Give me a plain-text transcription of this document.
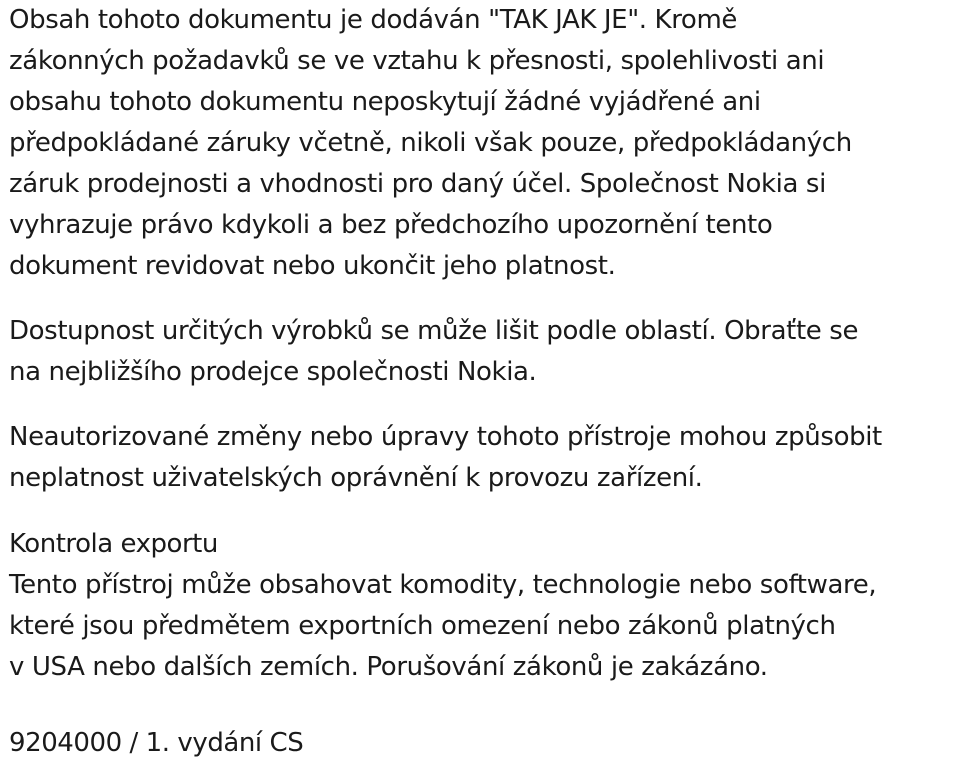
Obsah tohoto dokumentu je dodáván "TAK JAK JE". Kromě
zákonných požadavků se ve vztahu k přesnosti, spolehlivosti ani
obsahu tohoto dokumentu neposkytují žádné vyjádřené ani
předpokládané záruky včetně, nikoli však pouze, předpokládaných
záruk prodejnosti a vhodnosti pro daný účel. Společnost Nokia si
vyhrazuje právo kdykoli a bez předchozího upozornění tento
dokument revidovat nebo ukončit jeho platnost.

Dostupnost určitých výrobků se může lišit podle oblastí. Obraťte se
na nejbližšího prodejce společnosti Nokia.

Neautorizované změny nebo úpravy tohoto přístroje mohou způsobit
neplatnost uživatelských oprávnění k provozu zařízení.

Kontrola exportu
Tento přístroj může obsahovat komodity, technologie nebo software,
které jsou předmětem exportních omezení nebo zákonů platných
v USA nebo dalších zemích. Porušování zákonů je zakázáno.

9204000 / 1. vydání CS
